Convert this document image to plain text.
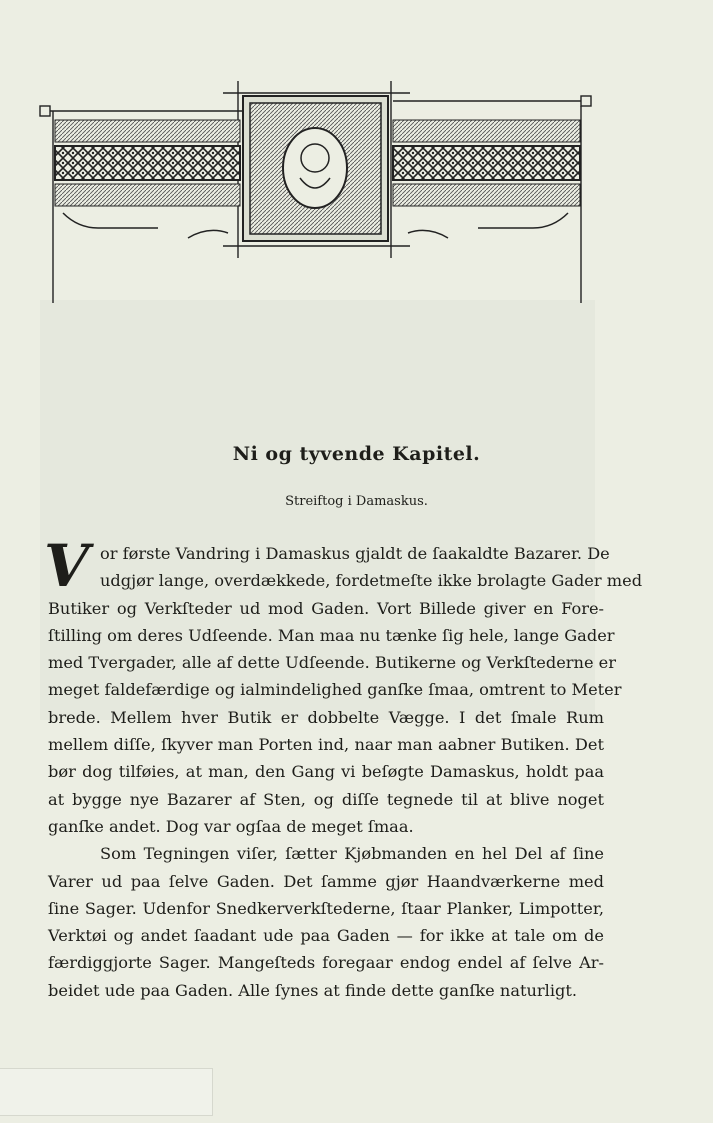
Ni og tyvende Kapitel.
Streiftog i Damaskus.
V or første Vandring i Damaskus gjaldt de ſaakaldte Bazarer. De
udgjør lange, overdækkede, fordetmeſte ikke brolagte Gader med
Butiker og Verkſteder ud mod Gaden. Vort Billede giver en Fore-
ſtilling om deres Udſeende. Man maa nu tænke ſig hele, lange Gader
med Tvergader, alle af dette Udſeende. Butikerne og Verkſtederne er
meget faldefærdige og ialmindelighed ganſke ſmaa, omtrent to Meter
brede. Mellem hver Butik er dobbelte Vægge. I det ſmale Rum
mellem diſſe, ſkyver man Porten ind, naar man aabner Butiken. Det
bør dog tilføies, at man, den Gang vi beſøgte Damaskus, holdt paa
at bygge nye Bazarer af Sten, og diſſe tegnede til at blive noget
ganſke andet. Dog var ogſaa de meget ſmaa.
Som Tegningen viſer, ſætter Kjøbmanden en hel Del af ſine
Varer ud paa ſelve Gaden. Det ſamme gjør Haandværkerne med
ſine Sager. Udenfor Snedkerverkſtederne, ſtaar Planker, Limpotter,
Verktøi og andet ſaadant ude paa Gaden — for ikke at tale om de
færdiggjorte Sager. Mangeſteds foregaar endog endel af ſelve Ar-
beidet ude paa Gaden. Alle ſynes at finde dette ganſke naturligt.
